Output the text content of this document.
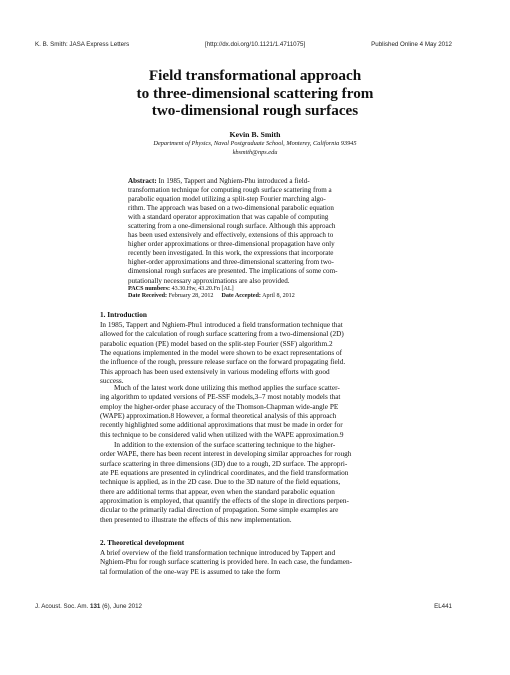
K. B. Smith: JASA Express Letters	[http://dx.doi.org/10.1121/1.4711075]	Published Online 4 May 2012
Field transformational approach
to three-dimensional scattering from
two-dimensional rough surfaces
Kevin B. Smith
Department of Physics, Naval Postgraduate School, Monterey, California 93945
kbsmith@nps.edu
Abstract: In 1985, Tappert and Nghiem-Phu introduced a field-
transformation technique for computing rough surface scattering from a
parabolic equation model utilizing a split-step Fourier marching algo-
rithm. The approach was based on a two-dimensional parabolic equation
with a standard operator approximation that was capable of computing
scattering from a one-dimensional rough surface. Although this approach
has been used extensively and effectively, extensions of this approach to
higher order approximations or three-dimensional propagation have only
recently been investigated. In this work, the expressions that incorporate
higher-order approximations and three-dimensional scattering from two-
dimensional rough surfaces are presented. The implications of some com-
putationally necessary approximations are also provided.
PACS numbers: 43.30.Hw, 43.20.Fn [AL]
Date Received: February 28, 2012 Date Accepted: April 8, 2012
1. Introduction
In 1985, Tappert and Nghiem-Phu1 introduced a field transformation technique that
allowed for the calculation of rough surface scattering from a two-dimensional (2D)
parabolic equation (PE) model based on the split-step Fourier (SSF) algorithm.2
The equations implemented in the model were shown to be exact representations of
the influence of the rough, pressure release surface on the forward propagating field.
This approach has been used extensively in various modeling efforts with good
success.
Much of the latest work done utilizing this method applies the surface scatter-
ing algorithm to updated versions of PE-SSF models,3–7 most notably models that
employ the higher-order phase accuracy of the Thomson-Chapman wide-angle PE
(WAPE) approximation.8 However, a formal theoretical analysis of this approach
recently highlighted some additional approximations that must be made in order for
this technique to be considered valid when utilized with the WAPE approximation.9
In addition to the extension of the surface scattering technique to the higher-
order WAPE, there has been recent interest in developing similar approaches for rough
surface scattering in three dimensions (3D) due to a rough, 2D surface. The appropri-
ate PE equations are presented in cylindrical coordinates, and the field transformation
technique is applied, as in the 2D case. Due to the 3D nature of the field equations,
there are additional terms that appear, even when the standard parabolic equation
approximation is employed, that quantify the effects of the slope in directions perpen-
dicular to the primarily radial direction of propagation. Some simple examples are
then presented to illustrate the effects of this new implementation.
2. Theoretical development
A brief overview of the field transformation technique introduced by Tappert and
Nghiem-Phu for rough surface scattering is provided here. In each case, the fundamen-
tal formulation of the one-way PE is assumed to take the form
J. Acoust. Soc. Am. 131 (6), June 2012	EL441
